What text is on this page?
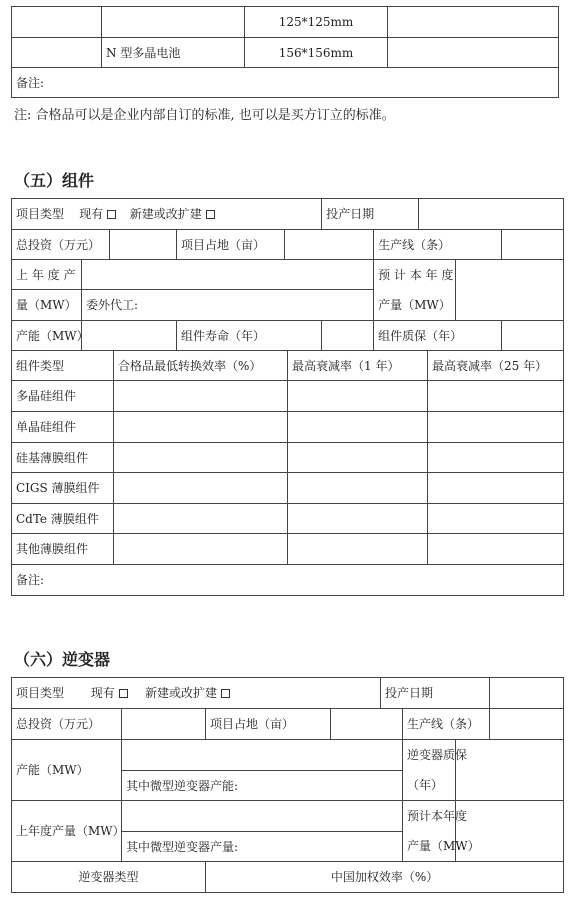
		125*125mm	
	N 型多晶电池	156*156mm	
备注:			
注: 合格品可以是企业内部自订的标准, 也可以是买方订立的标准。
（五）组件
项目类型 现有 新建或改扩建					投产日期				
总投资（万元）			项目占地（亩）			生产线（条）			
上 年 度 产						预 计 本 年 度			
量（MW）	委外代工:					产量（MW）			
产能（MW）			组件寿命（年）			组件质保（年）			
组件类型	合格品最低转换效率（%）	最高衰减率（1 年）	最高衰减率（25 年）
多晶硅组件			
单晶硅组件			
硅基薄膜组件			
CIGS 薄膜组件			
CdTe 薄膜组件			
其他薄膜组件			
备注:			
（六）逆变器
项目类型 现有 新建或改扩建				投产日期			
总投资（万元）		项目占地（亩）			生产线（条）		
产能（MW）					逆变器质保
（年）		

	其中微型逆变器产能:						
上年度产量（MW）					预计本年度
产量（MW）		

	其中微型逆变器产量:						
逆变器类型		中国加权效率（%）					
